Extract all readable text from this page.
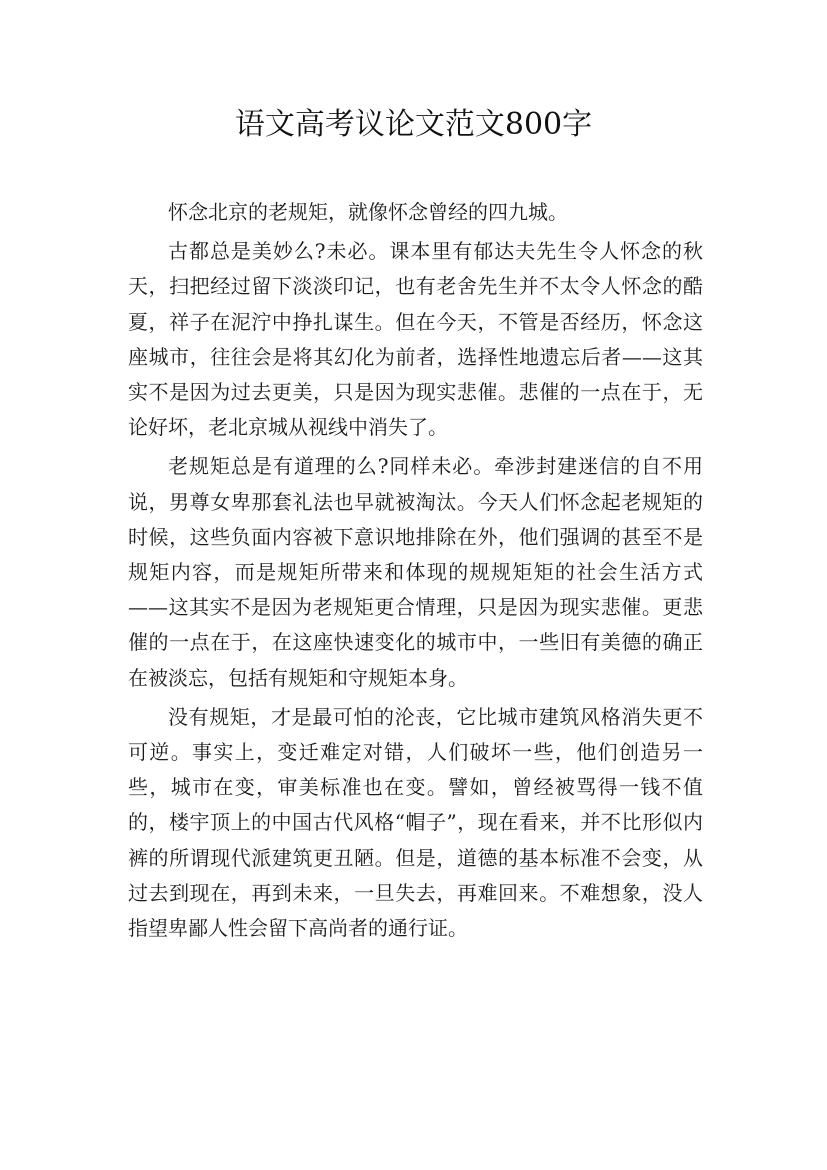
语文高考议论文范文800字

怀念北京的老规矩，就像怀念曾经的四九城。

古都总是美妙么?未必。课本里有郁达夫先生令人怀念的秋天，扫把经过留下淡淡印记，也有老舍先生并不太令人怀念的酷夏，祥子在泥泞中挣扎谋生。但在今天，不管是否经历，怀念这座城市，往往会是将其幻化为前者，选择性地遗忘后者——这其实不是因为过去更美，只是因为现实悲催。悲催的一点在于，无论好坏，老北京城从视线中消失了。

老规矩总是有道理的么?同样未必。牵涉封建迷信的自不用说，男尊女卑那套礼法也早就被淘汰。今天人们怀念起老规矩的时候，这些负面内容被下意识地排除在外，他们强调的甚至不是规矩内容，而是规矩所带来和体现的规规矩矩的社会生活方式——这其实不是因为老规矩更合情理，只是因为现实悲催。更悲催的一点在于，在这座快速变化的城市中，一些旧有美德的确正在被淡忘，包括有规矩和守规矩本身。

没有规矩，才是最可怕的沦丧，它比城市建筑风格消失更不可逆。事实上，变迁难定对错，人们破坏一些，他们创造另一些，城市在变，审美标准也在变。譬如，曾经被骂得一钱不值的，楼宇顶上的中国古代风格“帽子”，现在看来，并不比形似内裤的所谓现代派建筑更丑陋。但是，道德的基本标准不会变，从过去到现在，再到未来，一旦失去，再难回来。不难想象，没人指望卑鄙人性会留下高尚者的通行证。
